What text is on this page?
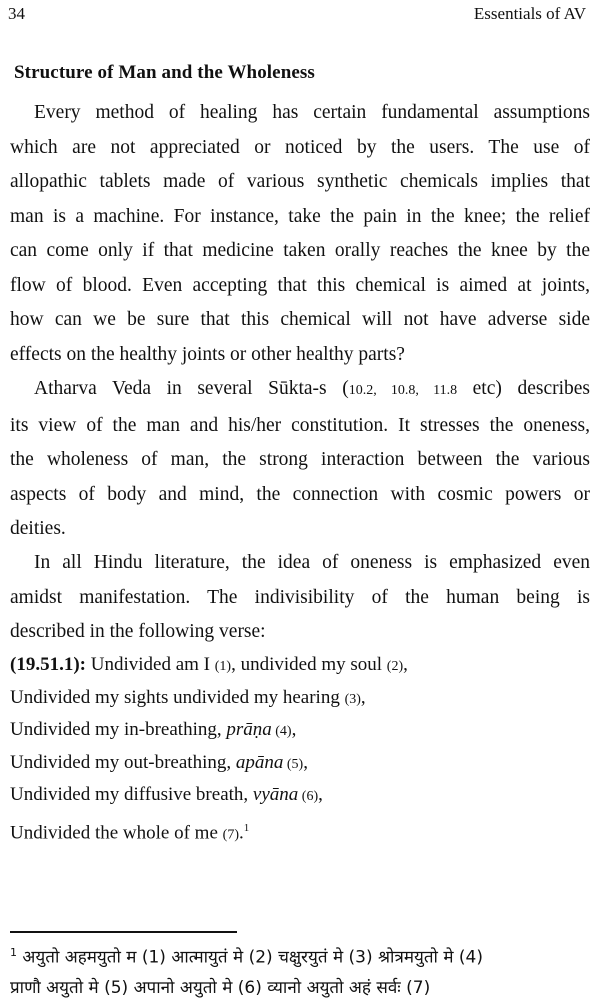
34	Essentials of AV
Structure of Man and the Wholeness
Every method of healing has certain fundamental assumptions
which are not appreciated or noticed by the users. The use of
allopathic tablets made of various synthetic chemicals implies that
man is a machine. For instance, take the pain in the knee; the relief
can come only if that medicine taken orally reaches the knee by the
flow of blood. Even accepting that this chemical is aimed at joints,
how can we be sure that this chemical will not have adverse side
effects on the healthy joints or other healthy parts?
Atharva Veda in several Sūkta-s (10.2, 10.8, 11.8 etc) describes
its view of the man and his/her constitution. It stresses the oneness,
the wholeness of man, the strong interaction between the various
aspects of body and mind, the connection with cosmic powers or
deities.
In all Hindu literature, the idea of oneness is emphasized even
amidst manifestation. The indivisibility of the human being is
described in the following verse:
(19.51.1): Undivided am I (1), undivided my soul (2),
Undivided my sights undivided my hearing (3),
Undivided my in-breathing, prāṇa (4),
Undivided my out-breathing, apāna (5),
Undivided my diffusive breath, vyāna (6),
Undivided the whole of me (7).$^1$
$^1$ अयुतो अहमयुतो म (1) आत्मायुतं मे (2) चक्षुरयुतं मे (3) श्रोत्रमयुतो मे (4)
प्राणौ अयुतो मे (5) अपानो अयुतो मे (6) व्यानो अयुतो अहं सर्वः (7)
